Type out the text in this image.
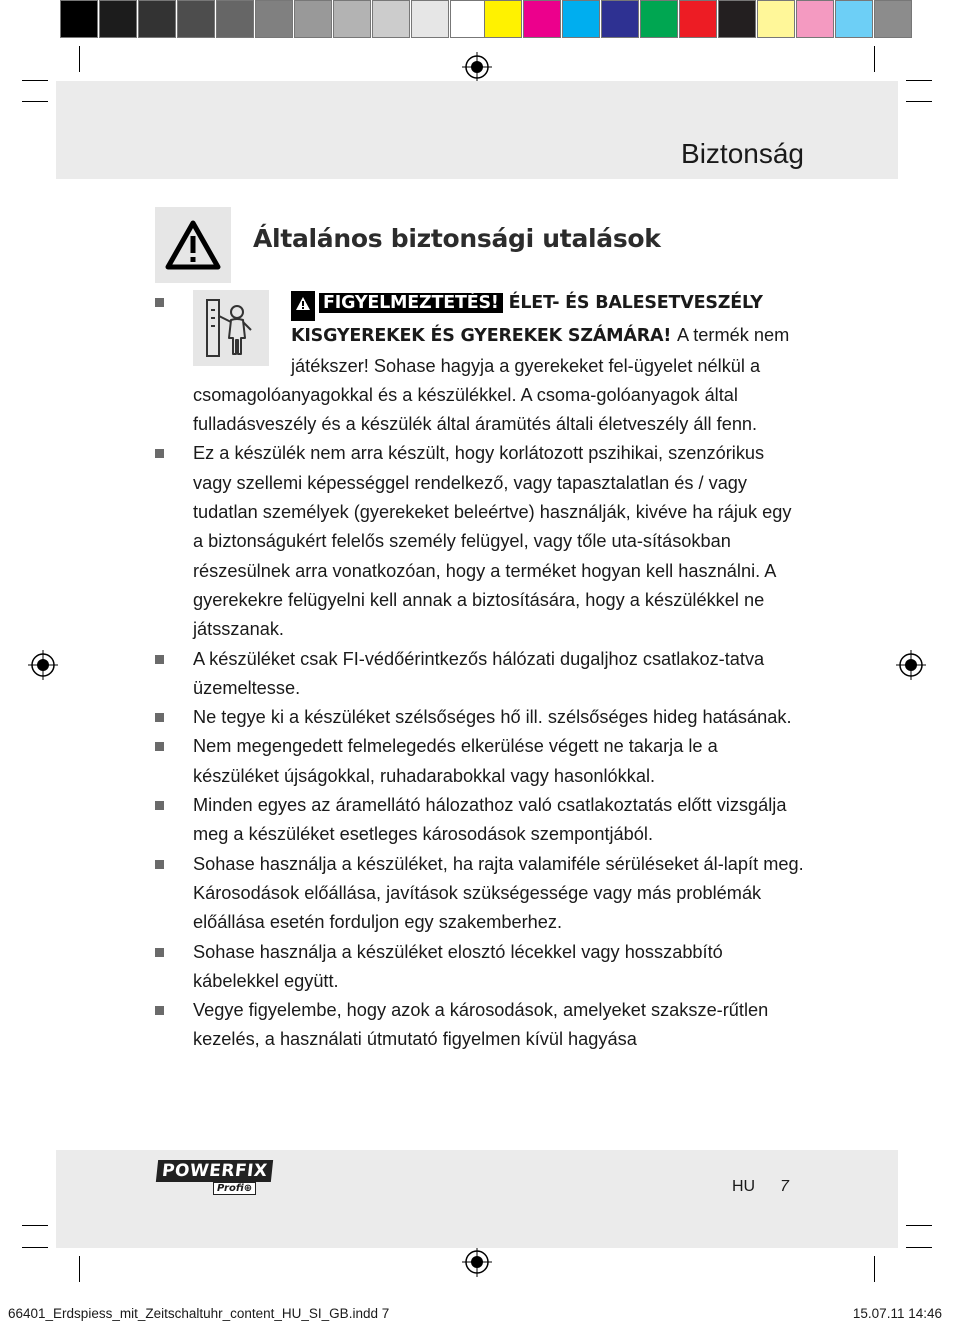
Biztonság
Általános biztonsági utalások
FIGYELMEZTETÉS! ÉLET- ÉS BALESETVESZÉLY KISGYEREKEK ÉS GYEREKEK SZÁMÁRA! A termék nem játékszer! Sohase hagyja a gyerekeket fel-ügyelet nélkül a csomagolóanyagokkal és a készülékkel. A csoma-golóanyagok által fulladásveszély és a készülék által áramütés általi életveszély áll fenn.
Ez a készülék nem arra készült, hogy korlátozott pszihikai, szenzórikus vagy szellemi képességgel rendelkező, vagy tapasztalatlan és / vagy tudatlan személyek (gyerekeket beleértve) használják, kivéve ha rájuk egy a biztonságukért felelős személy felügyel, vagy tőle uta-sításokban részesülnek arra vonatkozóan, hogy a terméket hogyan kell használni. A gyerekekre felügyelni kell annak a biztosítására, hogy a készülékkel ne játsszanak.
A készüléket csak FI-védőérintkezős hálózati dugaljhoz csatlakoz-tatva üzemeltesse.
Ne tegye ki a készüléket szélsőséges hő ill. szélsőséges hideg hatásának.
Nem megengedett felmelegedés elkerülése végett ne takarja le a készüléket újságokkal, ruhadarabokkal vagy hasonlókkal.
Minden egyes az áramellátó hálozathoz való csatlakoztatás előtt vizsgálja meg a készüléket esetleges károsodások szempontjából.
Sohase használja a készüléket, ha rajta valamiféle sérüléseket ál-lapít meg. Károsodások előállása, javítások szükségessége vagy más problémák előállása esetén forduljon egy szakemberhez.
Sohase használja a készüléket elosztó lécekkel vagy hosszabbító kábelekkel együtt.
Vegye figyelembe, hogy azok a károsodások, amelyeket szaksze-rűtlen kezelés, a használati útmutató figyelmen kívül hagyása
POWERFIX
Profi⊕	HU 7
66401_Erdspiess_mit_Zeitschaltuhr_content_HU_SI_GB.indd 7	15.07.11 14:46
